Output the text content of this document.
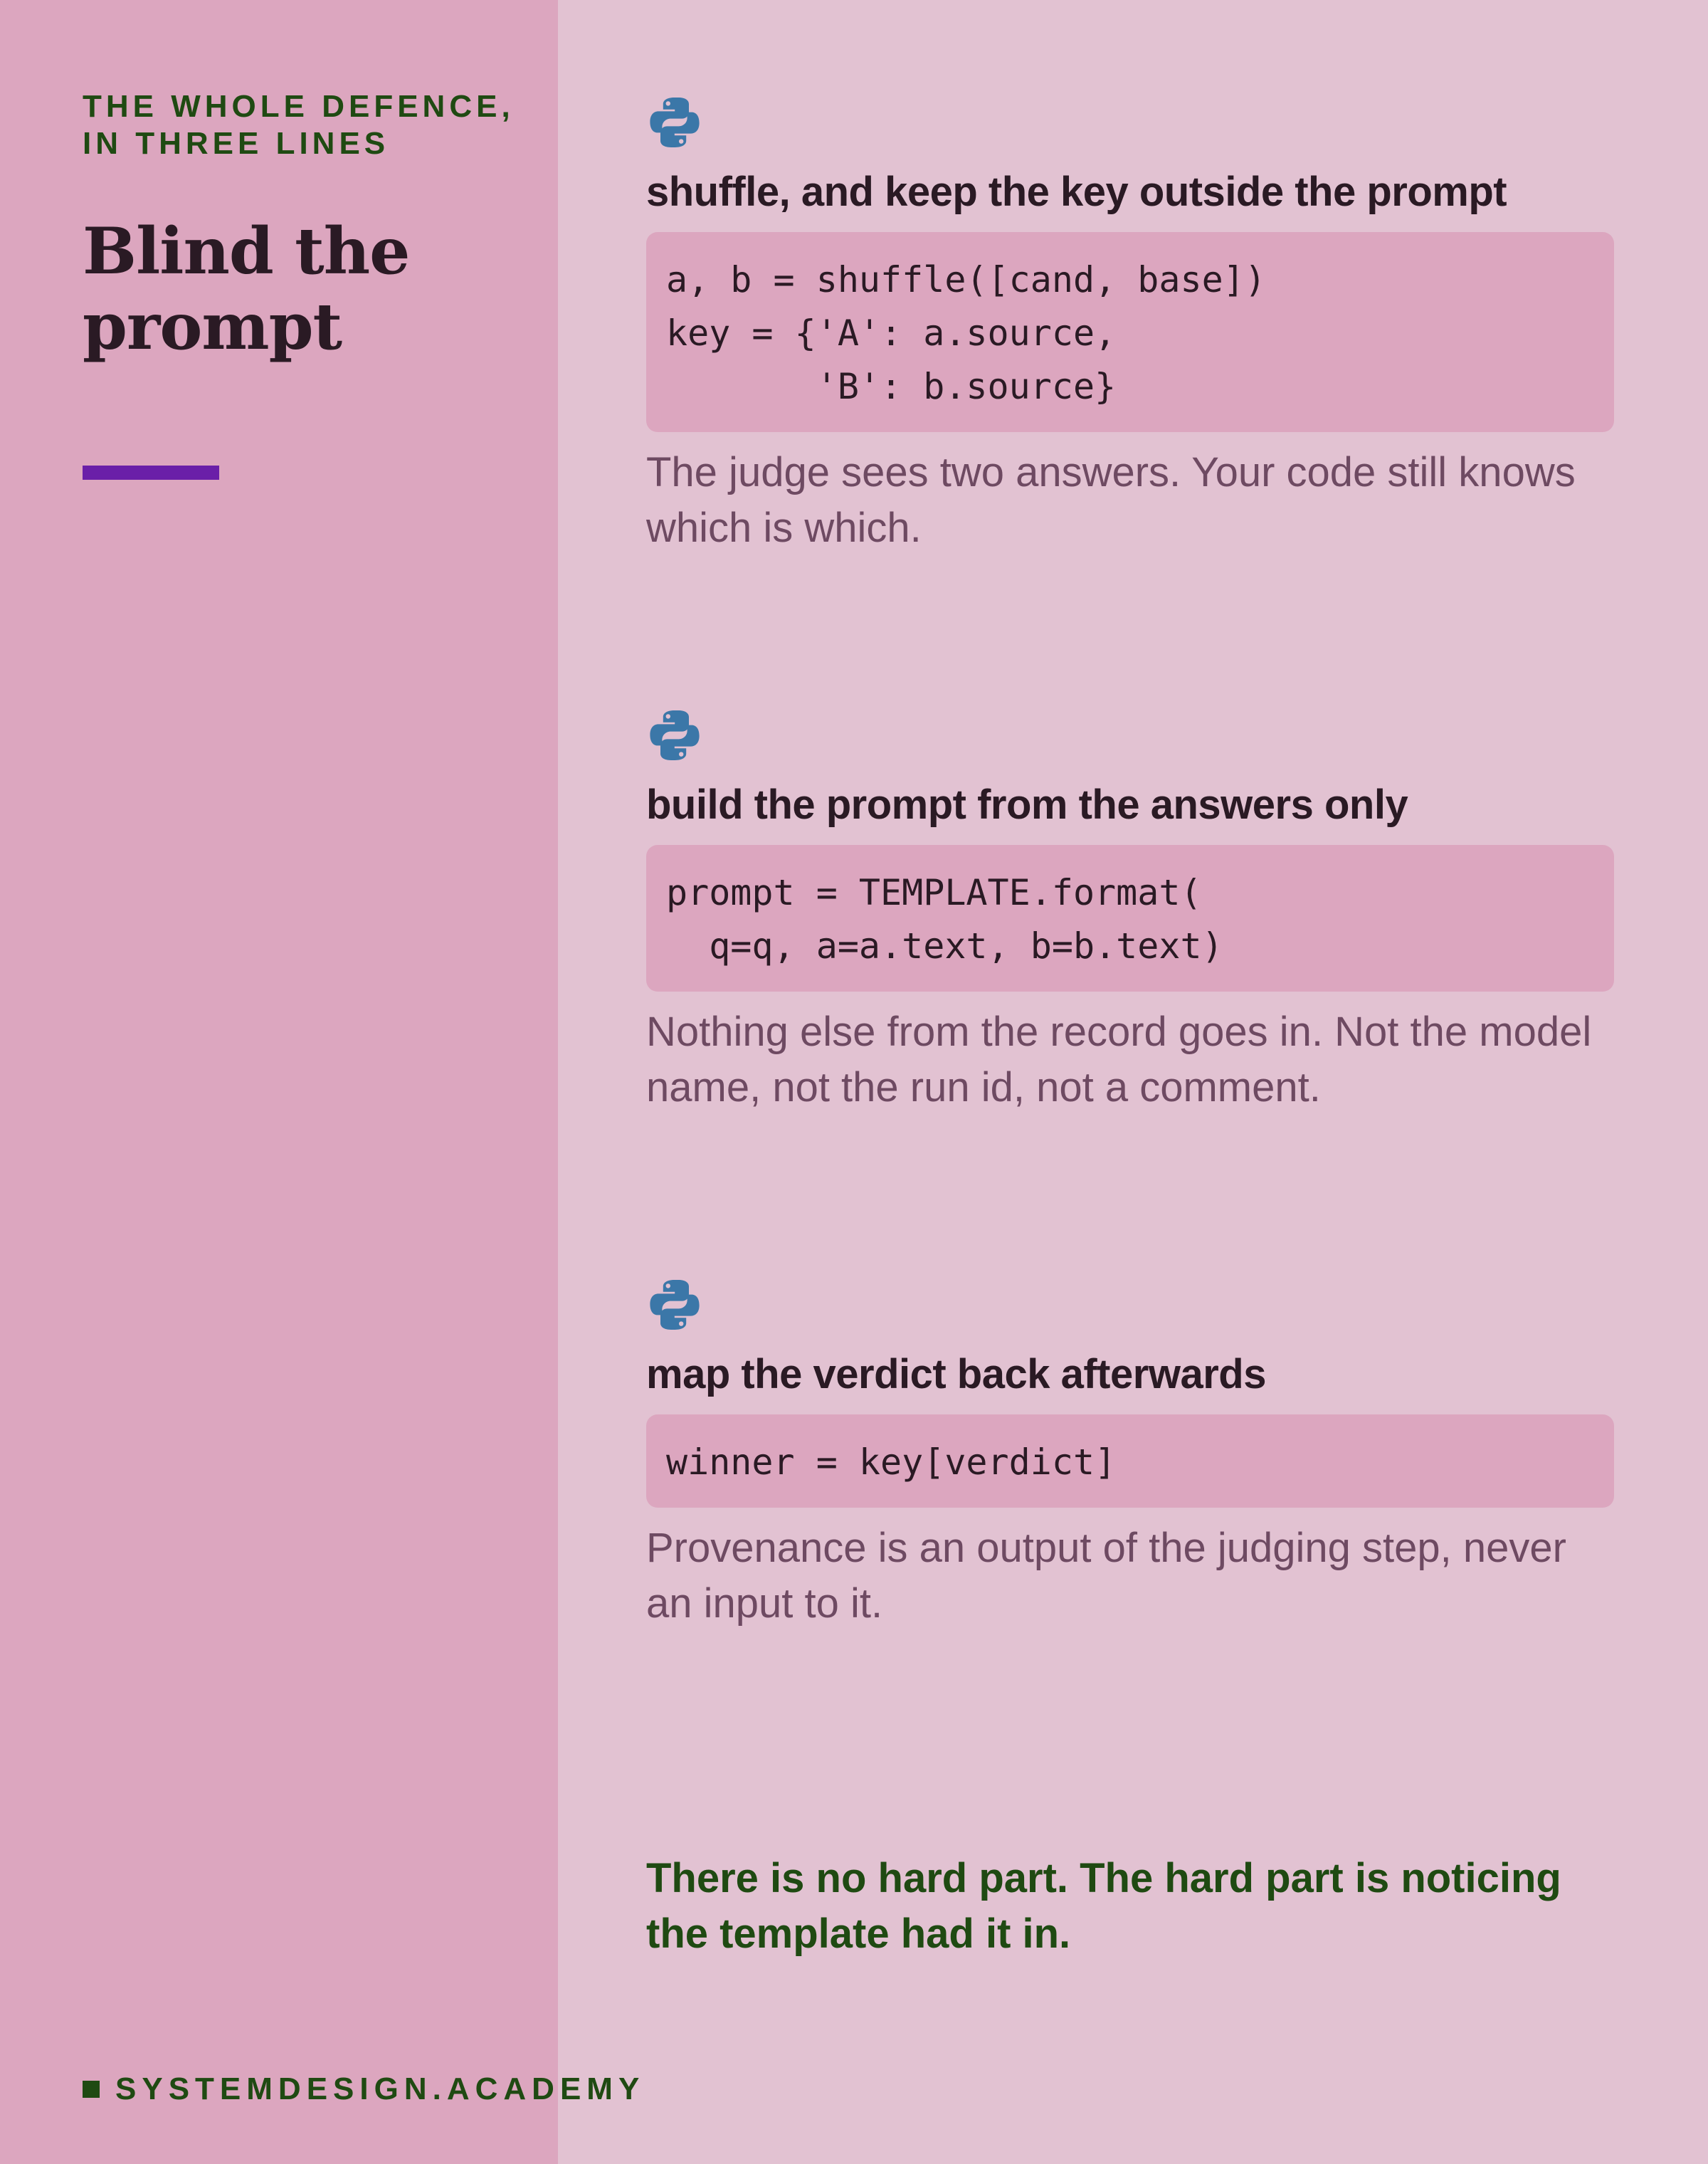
THE WHOLE DEFENCE, IN THREE LINES

Blind the prompt
SYSTEMDESIGN.ACADEMY
shuffle, and keep the key outside the prompt
a, b = shuffle([cand, base])
key = {'A': a.source,
'B': b.source}

The judge sees two answers. Your code still knows which is which.

build the prompt from the answers only
prompt = TEMPLATE.format(
q=q, a=a.text, b=b.text)

Nothing else from the record goes in. Not the model name, not the run id, not a comment.

map the verdict back afterwards
winner = key[verdict]

Provenance is an output of the judging step, never an input to it.

There is no hard part. The hard part is noticing the template had it in.
